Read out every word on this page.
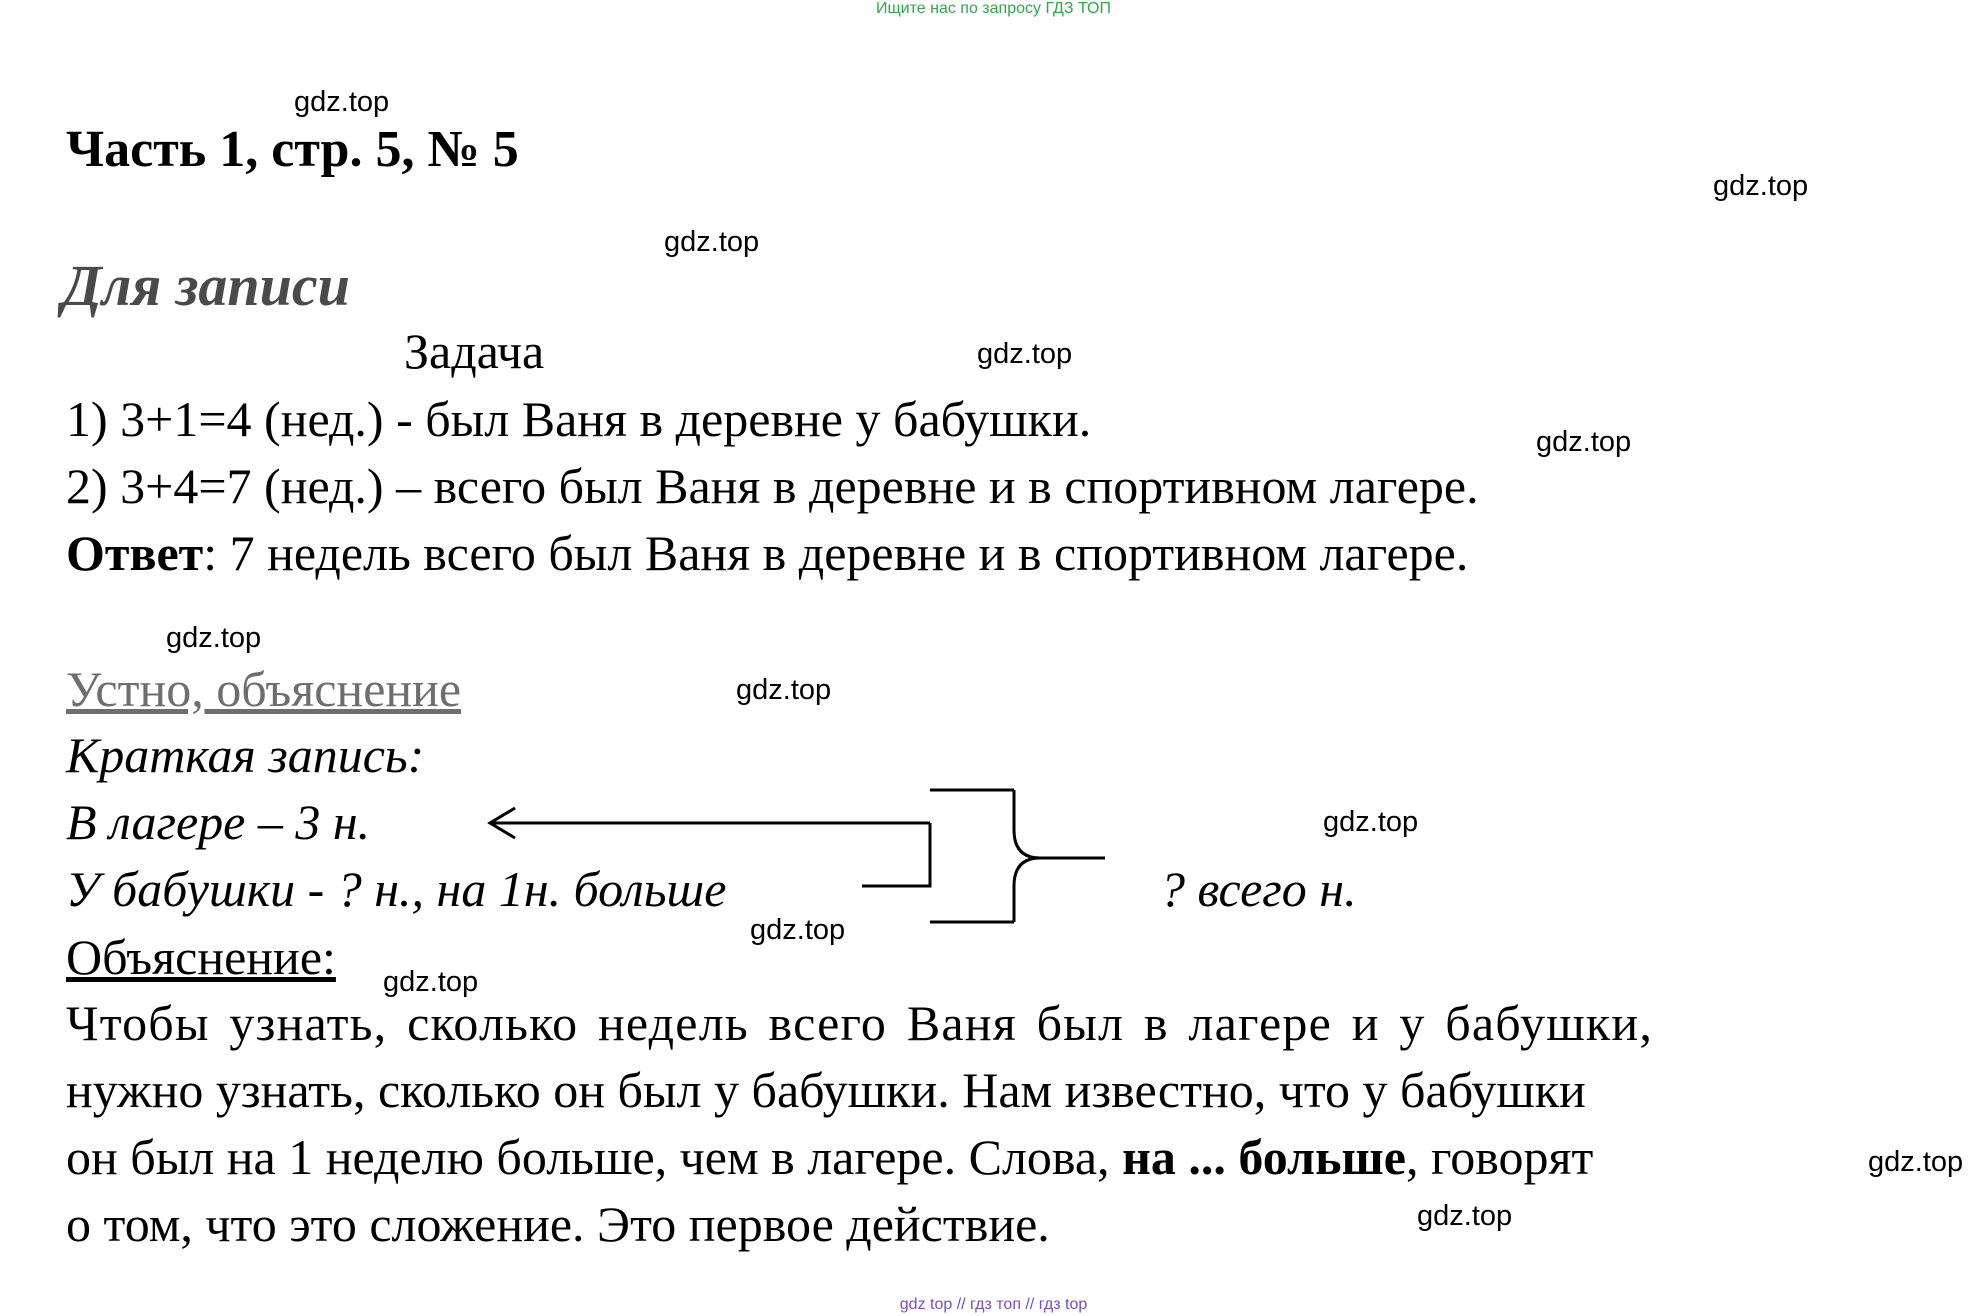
Ищите нас по запросу ГДЗ ТОП
gdz.top
gdz.top
gdz.top
gdz.top
gdz.top
gdz.top
gdz.top
gdz.top
gdz.top
gdz.top
gdz.top
gdz.top
Часть 1, стр. 5, № 5
Для записи
Задача
1) 3+1=4 (нед.) - был Ваня в деревне у бабушки.
2) 3+4=7 (нед.) – всего был Ваня в деревне и в спортивном лагере.
Ответ: 7 недель всего был Ваня в деревне и в спортивном лагере.
Устно, объяснение
Краткая запись:
В лагере – 3 н.
У бабушки - ? н., на 1н. больше	? всего н.
Объяснение:
Чтобы узнать, сколько недель всего Ваня был в лагере и у бабушки,
нужно узнать, сколько он был у бабушки. Нам известно, что у бабушки
он был на 1 неделю больше, чем в лагере. Слова, на ... больше, говорят
о том, что это сложение. Это первое действие.
gdz top // гдз топ // гдз top
